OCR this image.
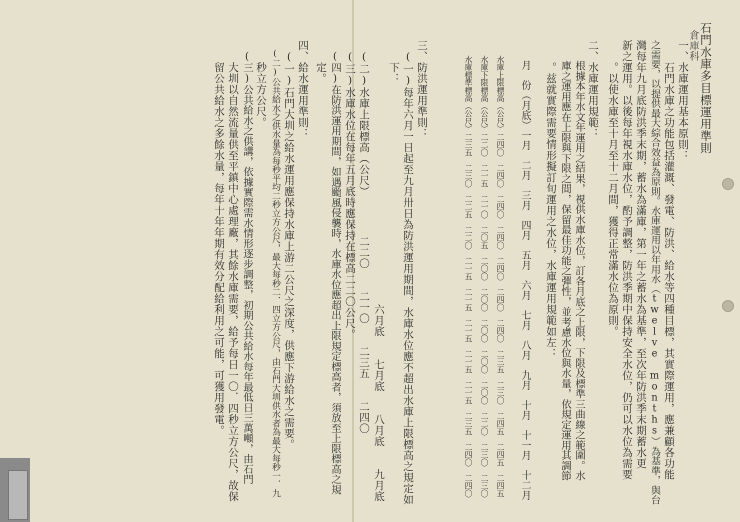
石門水庫多目標運用準則
倉庫科
一、水庫運用基本原則：
　　石門水庫之功能包括灌溉、發電、防洪、給水等四種目標，其實際運用，應兼顧各功能
之需要，以提供最大綜合效益為原則。水庫運用以年用水（twelve months）為基準，與台
灣每年九月底防洪季末期，蓄水為滿庫，第一年之蓄水為基準，至次年防洪季末期蓄水更
新之運用。以後每年視水庫水位，酌予調整，防洪季期中保持安全水位，仍可以水位為需要
　　。以使水庫至十月至十二月間，獲得正常滿水位為原則。
二、水庫運用規範：
　　根據本年水文年運用之結果，視供水庫水位，訂各月底之上限，下限及標準三曲線之範圍。水
　　庫之運用應在上限與下限之間，保留最佳功能之彈性，並考慮水位與水量，依規定運用其調節
　　。兹就實際需要情形擬訂旬運用之水位，水庫運用規範如左：
　　月　份（月底）一月　二月　三月　四月　五月　六月　七月　八月　九月　十月　十一月　十二月
　　水庫上限標高（公尺）二四〇　二四〇　二四〇　二四〇　二四〇　二四〇　二四〇　二三五　二三〇　二四五　二四五　二四五
　　水庫下限標高（公尺）二二〇　二一五　二一〇　二〇五　二〇〇　二〇〇　二〇〇　二〇〇　二〇〇　二二〇　二三〇　二三〇
　　水庫標準標高（公尺）二三五　二三〇　二二五　二二〇　二一五　二一五　二一五　二一五　二一五　二三五　二四〇　二四〇
三、防洪運用準則：
　(一)每年六月一日起至九月卅日為防洪運用期間，水庫水位應不超出水庫上限標高之規定如
　　下：
　　　　　　　　　　　　　　　　　　　　　　　　六月底　　七月底　　八月底　　九月底
　(二)水庫上限標高（公尺）　　　　二二〇　　二一〇　　二三五　　二四〇
　(三)水庫水位在每年五月底時應保持在標高二二〇公尺。
　(四)在防洪運用期間，如遇颱風侵襲時，水庫水位應超出上限規定標高者，須放至上限標高之規
　　定。
四、給水運用準則：
　(一)石門大圳之給水運用應保持水庫上游二公尺之深度，供應下游給水之需要。
　(二)公共給水之供水量為每秒平均二秒立方公尺，最大每秒二．四立方公尺，由石門大圳供水者為最大每秒一．九
　　秒立方公尺。
　(三)公共給水之供講，依據實際需水情形逐步調整，初期公共給水每年最低日三萬噸，由石門
　　大圳以自然流量供至平鎮中心處理廠，其餘水庫需要，給予每日一〇．四秒立方公尺，故保
　　留公共給水之多餘水量，每年十年年期有效分配給利用之可能，可獲用發電。
